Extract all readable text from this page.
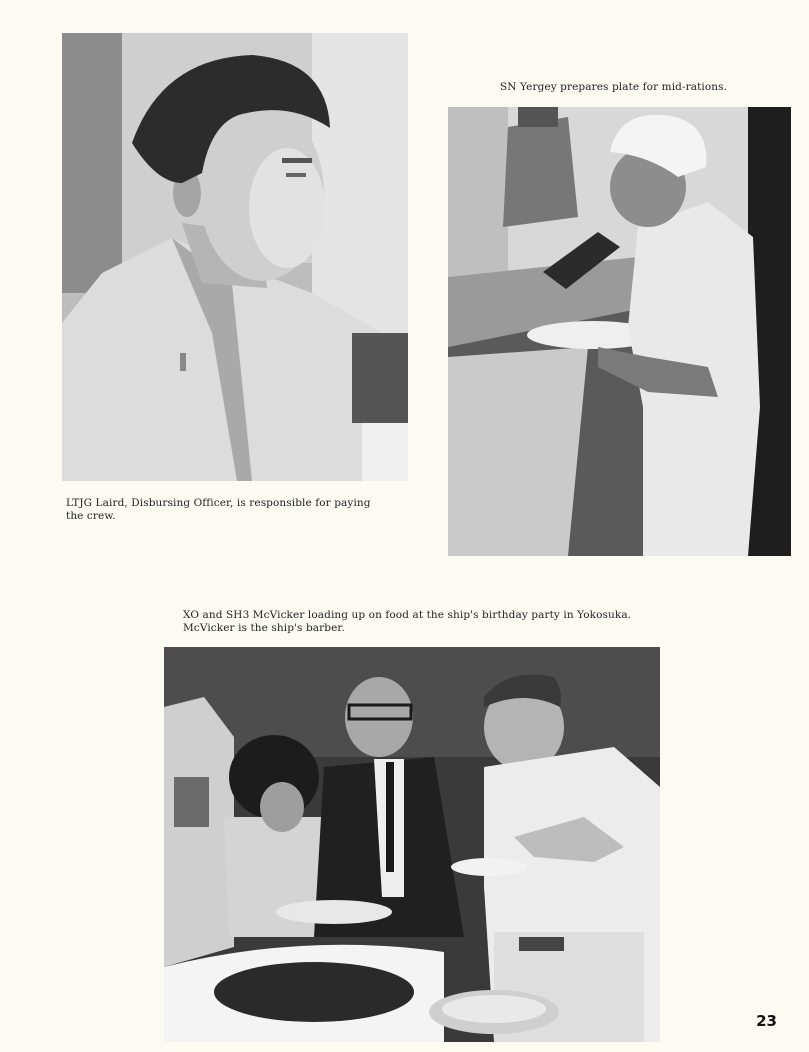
LTJG Laird, Disbursing Officer, is responsible for paying
the crew.
SN Yergey prepares plate for mid-rations.
XO and SH3 McVicker loading up on food at the ship's birthday party in Yokosuka.
McVicker is the ship's barber.
23
